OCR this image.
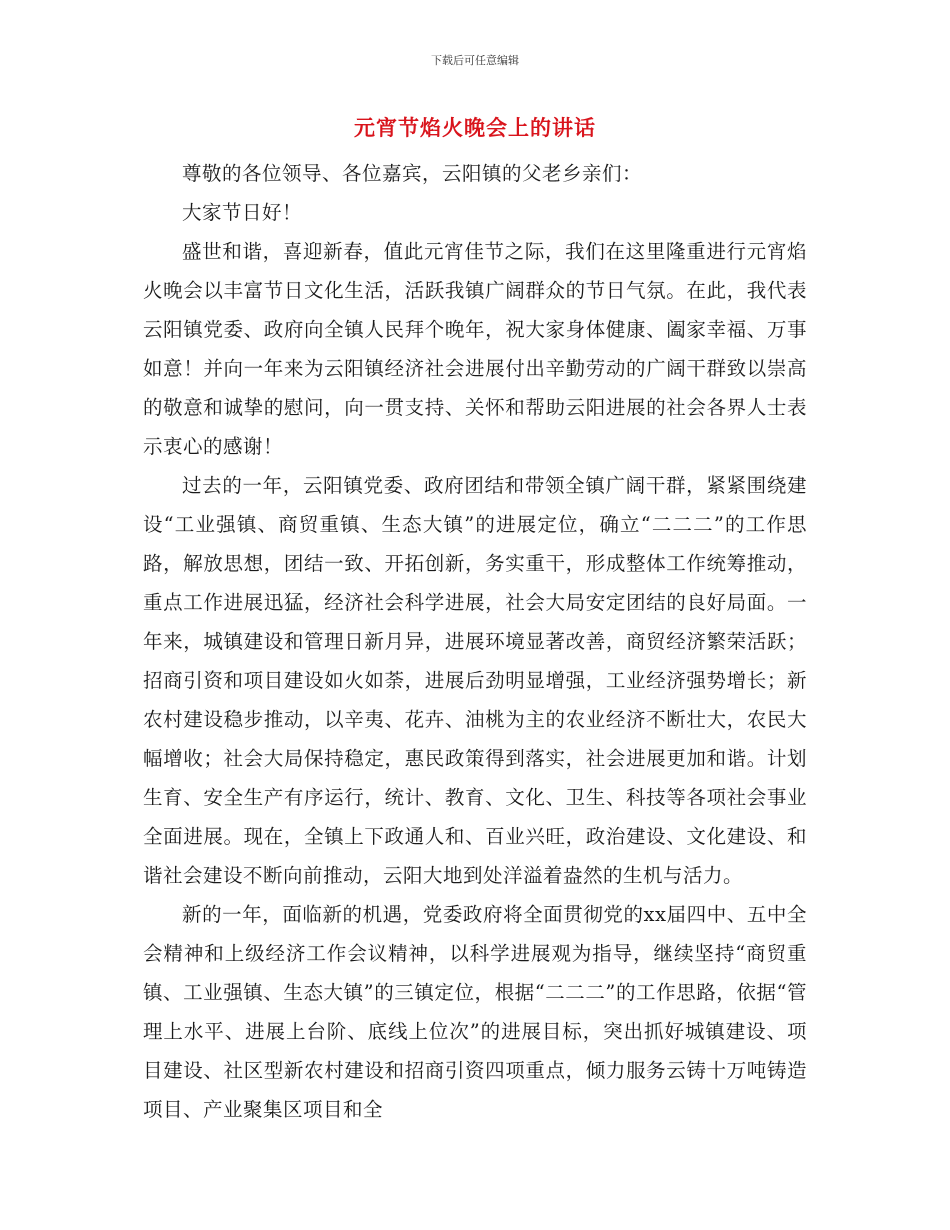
下载后可任意编辑
元宵节焰火晚会上的讲话

尊敬的各位领导、各位嘉宾，云阳镇的父老乡亲们：

大家节日好！

盛世和谐，喜迎新春，值此元宵佳节之际，我们在这里隆重进行元宵焰火晚会以丰富节日文化生活，活跃我镇广阔群众的节日气氛。在此，我代表云阳镇党委、政府向全镇人民拜个晚年，祝大家身体健康、阖家幸福、万事如意！并向一年来为云阳镇经济社会进展付出辛勤劳动的广阔干群致以崇高的敬意和诚挚的慰问，向一贯支持、关怀和帮助云阳进展的社会各界人士表示衷心的感谢！

过去的一年，云阳镇党委、政府团结和带领全镇广阔干群，紧紧围绕建设“工业强镇、商贸重镇、生态大镇”的进展定位，确立“二二二”的工作思路，解放思想，团结一致、开拓创新，务实重干，形成整体工作统筹推动，重点工作进展迅猛，经济社会科学进展，社会大局安定团结的良好局面。一年来，城镇建设和管理日新月异，进展环境显著改善，商贸经济繁荣活跃；招商引资和项目建设如火如荼，进展后劲明显增强，工业经济强势增长；新农村建设稳步推动，以辛夷、花卉、油桃为主的农业经济不断壮大，农民大幅增收；社会大局保持稳定，惠民政策得到落实，社会进展更加和谐。计划生育、安全生产有序运行，统计、教育、文化、卫生、科技等各项社会事业全面进展。现在，全镇上下政通人和、百业兴旺，政治建设、文化建设、和谐社会建设不断向前推动，云阳大地到处洋溢着盎然的生机与活力。

新的一年，面临新的机遇，党委政府将全面贯彻党的xx届四中、五中全会精神和上级经济工作会议精神，以科学进展观为指导，继续坚持“商贸重镇、工业强镇、生态大镇”的三镇定位，根据“二二二”的工作思路，依据“管理上水平、进展上台阶、底线上位次”的进展目标，突出抓好城镇建设、项目建设、社区型新农村建设和招商引资四项重点，倾力服务云铸十万吨铸造项目、产业聚集区项目和全
